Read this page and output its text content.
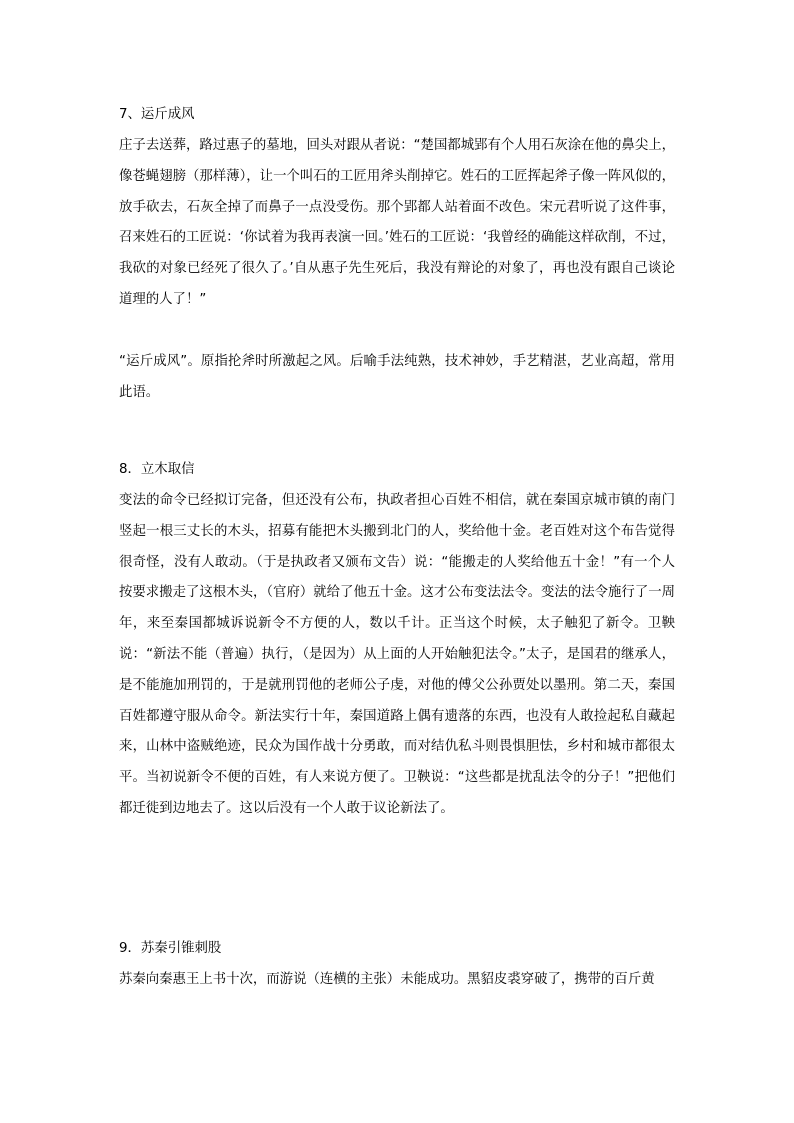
7、运斤成风

庄子去送葬，路过惠子的墓地，回头对跟从者说：“楚国都城郢有个人用石灰涂在他的鼻尖上，像苍蝇翅膀（那样薄），让一个叫石的工匠用斧头削掉它。姓石的工匠挥起斧子像一阵风似的，放手砍去，石灰全掉了而鼻子一点没受伤。那个郢都人站着面不改色。宋元君听说了这件事，召来姓石的工匠说：‘你试着为我再表演一回。’姓石的工匠说：‘我曾经的确能这样砍削，不过，我砍的对象已经死了很久了。’自从惠子先生死后，我没有辩论的对象了，再也没有跟自己谈论道理的人了！”

“运斤成风”。原指抡斧时所激起之风。后喻手法纯熟，技术神妙，手艺精湛，艺业高超，常用此语。

8．立木取信

变法的命令已经拟订完备，但还没有公布，执政者担心百姓不相信，就在秦国京城市镇的南门竖起一根三丈长的木头，招募有能把木头搬到北门的人，奖给他十金。老百姓对这个布告觉得很奇怪，没有人敢动。（于是执政者又颁布文告）说：“能搬走的人奖给他五十金！”有一个人按要求搬走了这根木头，（官府）就给了他五十金。这才公布变法法令。变法的法令施行了一周年，来至秦国都城诉说新令不方便的人，数以千计。正当这个时候，太子触犯了新令。卫鞅说：“新法不能（普遍）执行，（是因为）从上面的人开始触犯法令。”太子，是国君的继承人，是不能施加刑罚的，于是就刑罚他的老师公子虔，对他的傅父公孙贾处以墨刑。第二天，秦国百姓都遵守服从命令。新法实行十年，秦国道路上偶有遗落的东西，也没有人敢捡起私自藏起来，山林中盗贼绝迹，民众为国作战十分勇敢，而对结仇私斗则畏惧胆怯，乡村和城市都很太平。当初说新令不便的百姓，有人来说方便了。卫鞅说：“这些都是扰乱法令的分子！”把他们都迁徙到边地去了。这以后没有一个人敢于议论新法了。

9．苏秦引锥刺股

苏秦向秦惠王上书十次，而游说（连横的主张）未能成功。黑貂皮裘穿破了，携带的百斤黄
